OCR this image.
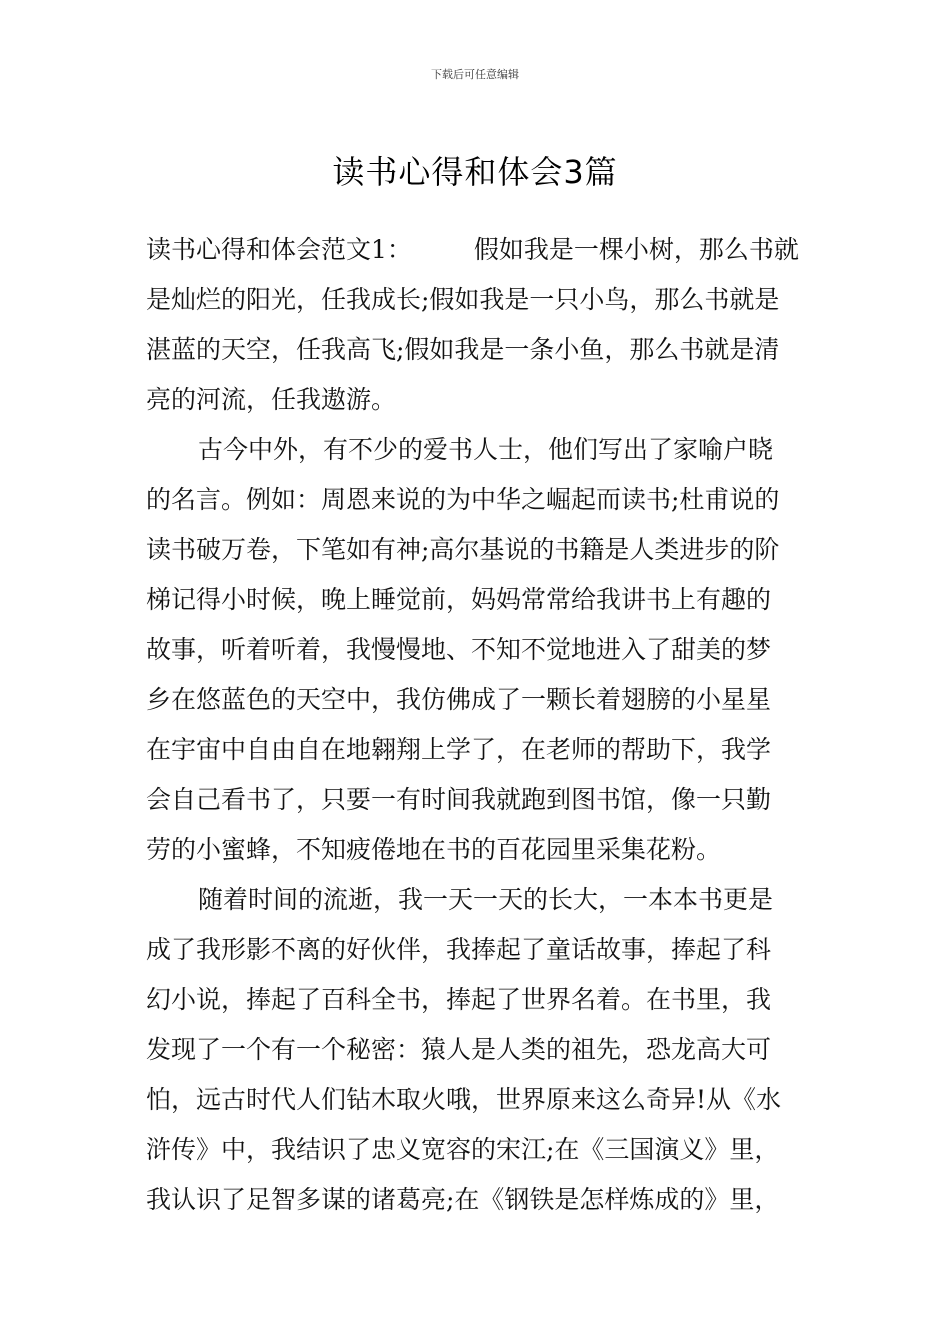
下载后可任意编辑
读书心得和体会3篇
读书心得和体会范文1： 假如我是一棵小树，那么书就
是灿烂的阳光，任我成长;假如我是一只小鸟，那么书就是
湛蓝的天空，任我高飞;假如我是一条小鱼，那么书就是清
亮的河流，任我遨游。
古今中外，有不少的爱书人士，他们写出了家喻户晓
的名言。例如：周恩来说的为中华之崛起而读书;杜甫说的
读书破万卷，下笔如有神;高尔基说的书籍是人类进步的阶
梯记得小时候，晚上睡觉前，妈妈常常给我讲书上有趣的
故事，听着听着，我慢慢地、不知不觉地进入了甜美的梦
乡在悠蓝色的天空中，我仿佛成了一颗长着翅膀的小星星
在宇宙中自由自在地翱翔上学了，在老师的帮助下，我学
会自己看书了，只要一有时间我就跑到图书馆，像一只勤
劳的小蜜蜂，不知疲倦地在书的百花园里采集花粉。
随着时间的流逝，我一天一天的长大，一本本书更是
成了我形影不离的好伙伴，我捧起了童话故事，捧起了科
幻小说，捧起了百科全书，捧起了世界名着。在书里，我
发现了一个有一个秘密：猿人是人类的祖先，恐龙高大可
怕，远古时代人们钻木取火哦，世界原来这么奇异!从《水
浒传》中，我结识了忠义宽容的宋江;在《三国演义》里，
我认识了足智多谋的诸葛亮;在《钢铁是怎样炼成的》里，
